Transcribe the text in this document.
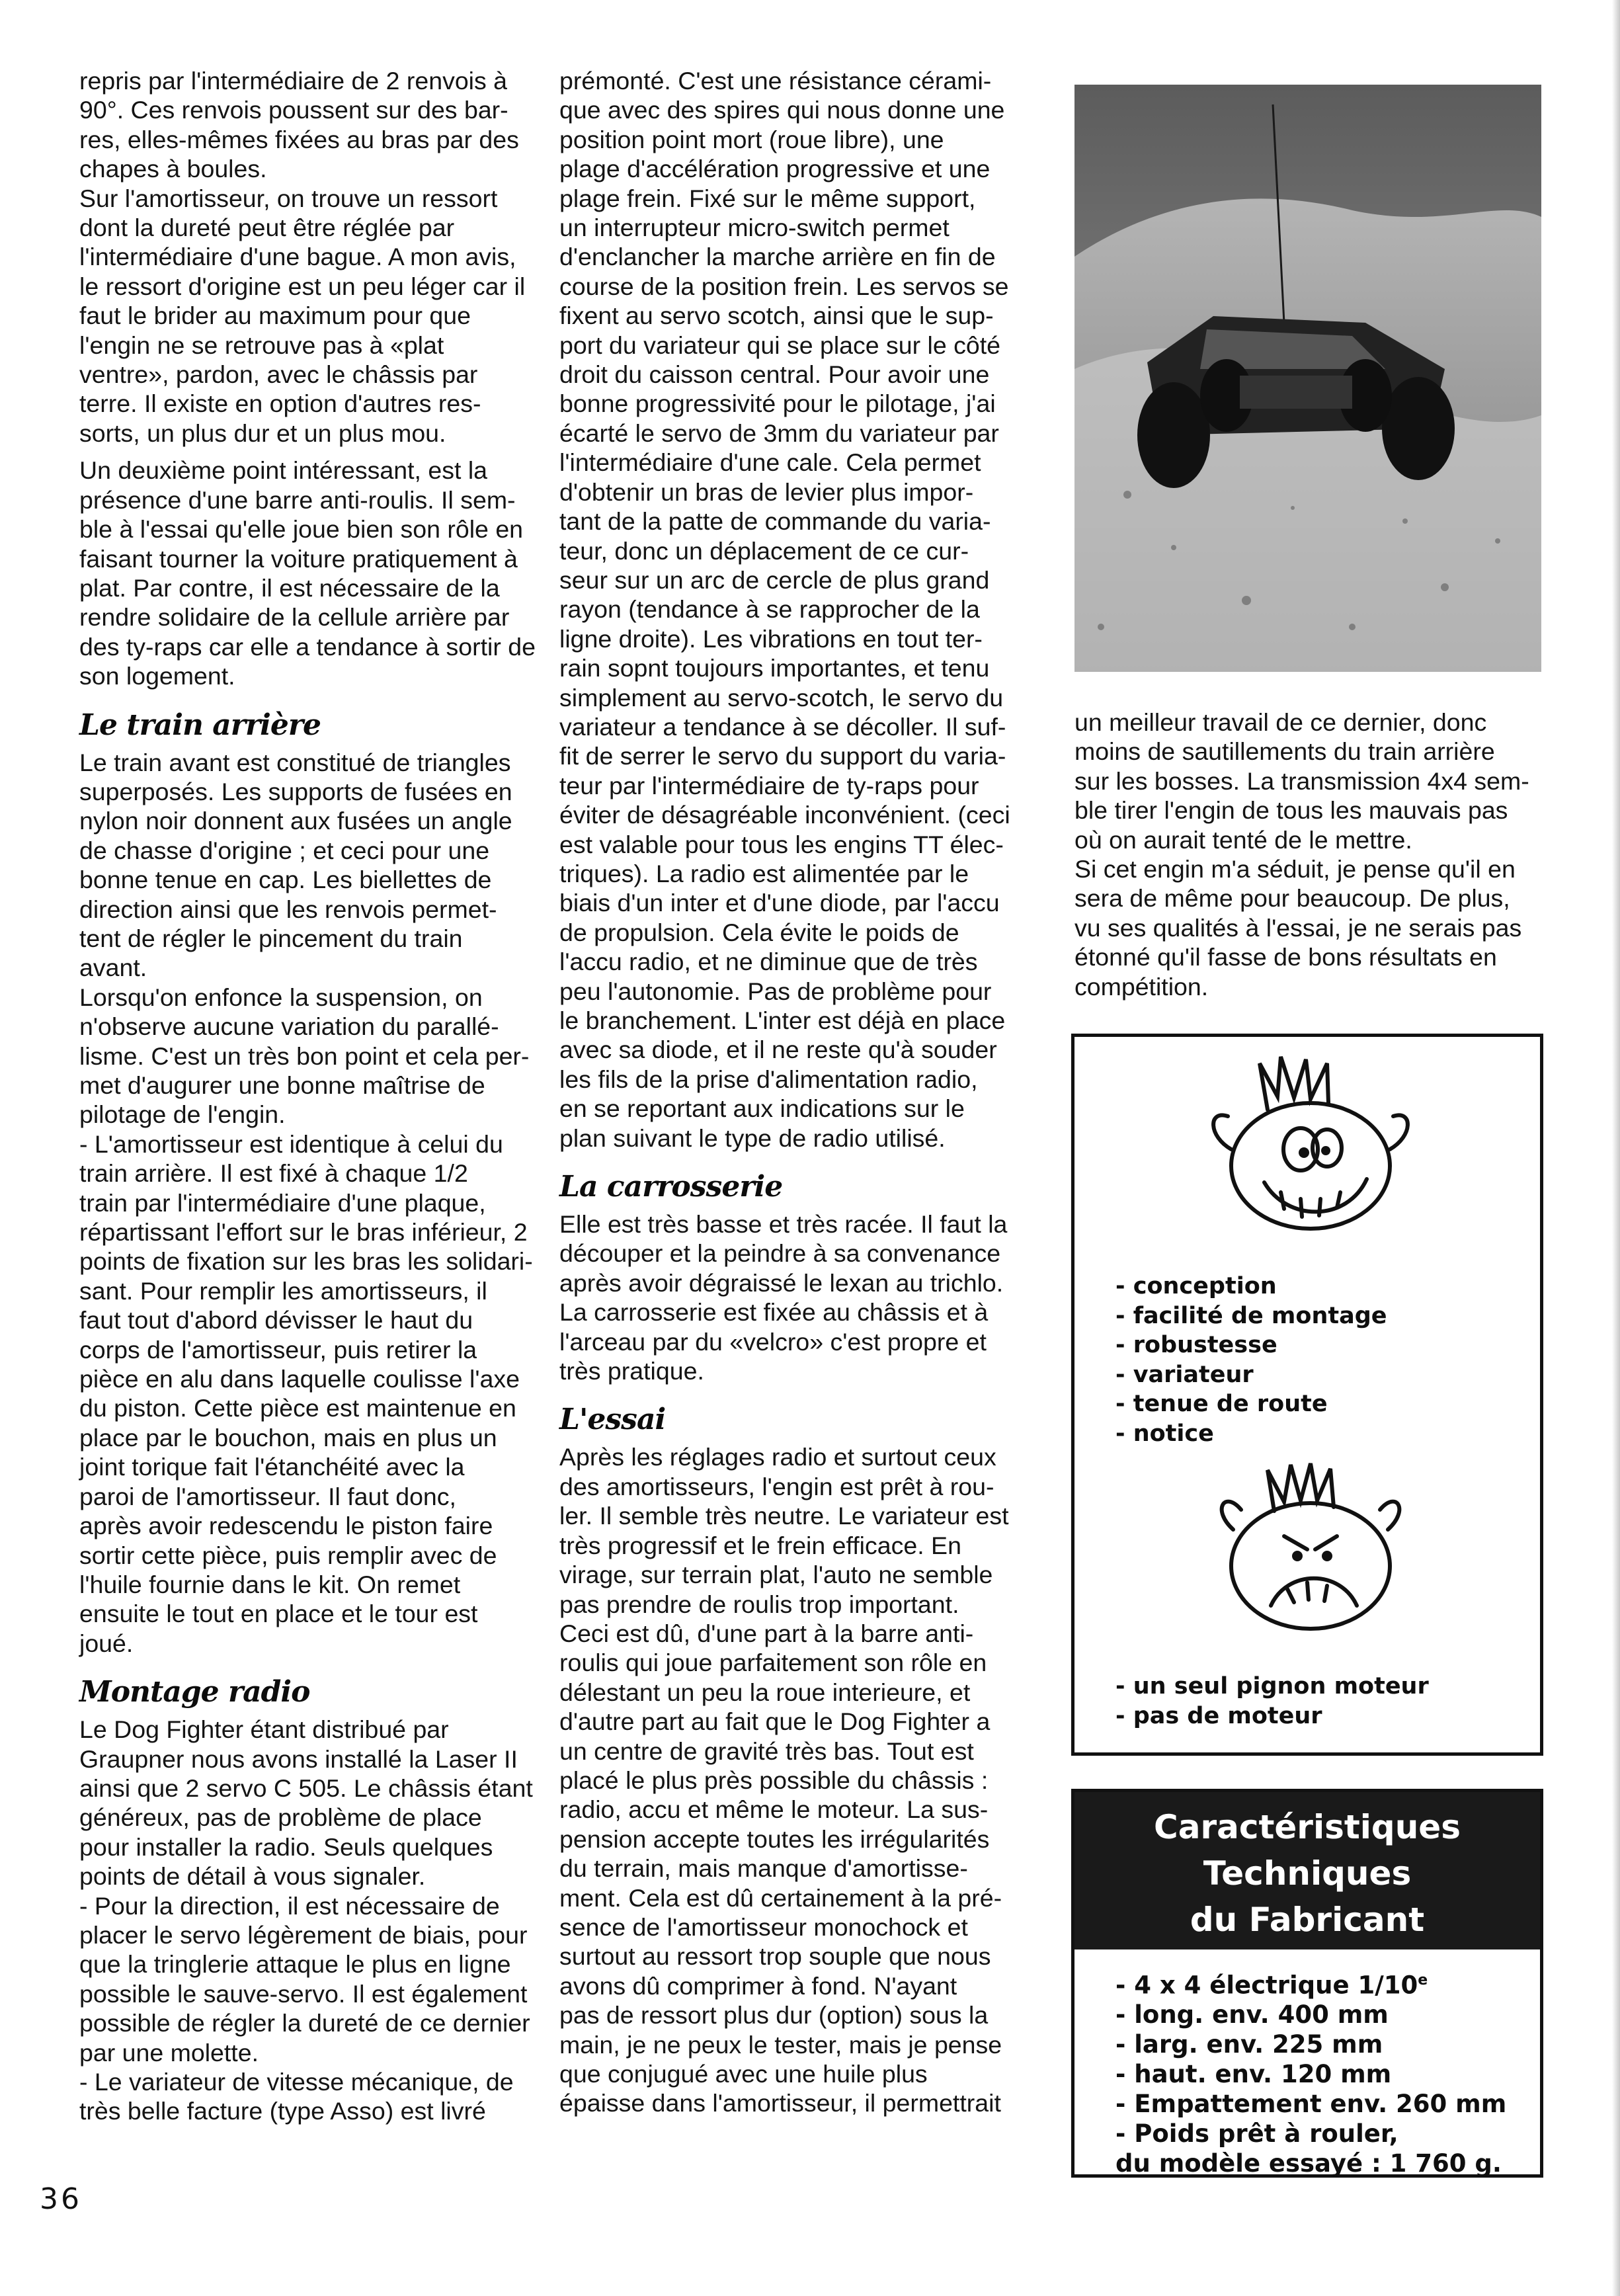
repris par l'intermédiaire de 2 renvois à
90°. Ces renvois poussent sur des bar-
res, elles-mêmes fixées au bras par des
chapes à boules.
Sur l'amortisseur, on trouve un ressort
dont la dureté peut être réglée par
l'intermédiaire d'une bague. A mon avis,
le ressort d'origine est un peu léger car il
faut le brider au maximum pour que
l'engin ne se retrouve pas à «plat
ventre», pardon, avec le châssis par
terre. Il existe en option d'autres res-
sorts, un plus dur et un plus mou.

Un deuxième point intéressant, est la
présence d'une barre anti-roulis. Il sem-
ble à l'essai qu'elle joue bien son rôle en
faisant tourner la voiture pratiquement à
plat. Par contre, il est nécessaire de la
rendre solidaire de la cellule arrière par
des ty-raps car elle a tendance à sortir de
son logement.

Le train arrière

Le train avant est constitué de triangles
superposés. Les supports de fusées en
nylon noir donnent aux fusées un angle
de chasse d'origine ; et ceci pour une
bonne tenue en cap. Les biellettes de
direction ainsi que les renvois permet-
tent de régler le pincement du train
avant.
Lorsqu'on enfonce la suspension, on
n'observe aucune variation du parallé-
lisme. C'est un très bon point et cela per-
met d'augurer une bonne maîtrise de
pilotage de l'engin.
- L'amortisseur est identique à celui du
train arrière. Il est fixé à chaque 1/2
train par l'intermédiaire d'une plaque,
répartissant l'effort sur le bras inférieur, 2
points de fixation sur les bras les solidari-
sant. Pour remplir les amortisseurs, il
faut tout d'abord dévisser le haut du
corps de l'amortisseur, puis retirer la
pièce en alu dans laquelle coulisse l'axe
du piston. Cette pièce est maintenue en
place par le bouchon, mais en plus un
joint torique fait l'étanchéité avec la
paroi de l'amortisseur. Il faut donc,
après avoir redescendu le piston faire
sortir cette pièce, puis remplir avec de
l'huile fournie dans le kit. On remet
ensuite le tout en place et le tour est
joué.

Montage radio

Le Dog Fighter étant distribué par
Graupner nous avons installé la Laser II
ainsi que 2 servo C 505. Le châssis étant
généreux, pas de problème de place
pour installer la radio. Seuls quelques
points de détail à vous signaler.
- Pour la direction, il est nécessaire de
placer le servo légèrement de biais, pour
que la tringlerie attaque le plus en ligne
possible le sauve-servo. Il est également
possible de régler la dureté de ce dernier
par une molette.
- Le variateur de vitesse mécanique, de
très belle facture (type Asso) est livré

prémonté. C'est une résistance cérami-
que avec des spires qui nous donne une
position point mort (roue libre), une
plage d'accélération progressive et une
plage frein. Fixé sur le même support,
un interrupteur micro-switch permet
d'enclancher la marche arrière en fin de
course de la position frein. Les servos se
fixent au servo scotch, ainsi que le sup-
port du variateur qui se place sur le côté
droit du caisson central. Pour avoir une
bonne progressivité pour le pilotage, j'ai
écarté le servo de 3mm du variateur par
l'intermédiaire d'une cale. Cela permet
d'obtenir un bras de levier plus impor-
tant de la patte de commande du varia-
teur, donc un déplacement de ce cur-
seur sur un arc de cercle de plus grand
rayon (tendance à se rapprocher de la
ligne droite). Les vibrations en tout ter-
rain sopnt toujours importantes, et tenu
simplement au servo-scotch, le servo du
variateur a tendance à se décoller. Il suf-
fit de serrer le servo du support du varia-
teur par l'intermédiaire de ty-raps pour
éviter de désagréable inconvénient. (ceci
est valable pour tous les engins TT élec-
triques). La radio est alimentée par le
biais d'un inter et d'une diode, par l'accu
de propulsion. Cela évite le poids de
l'accu radio, et ne diminue que de très
peu l'autonomie. Pas de problème pour
le branchement. L'inter est déjà en place
avec sa diode, et il ne reste qu'à souder
les fils de la prise d'alimentation radio,
en se reportant aux indications sur le
plan suivant le type de radio utilisé.

La carrosserie

Elle est très basse et très racée. Il faut la
découper et la peindre à sa convenance
après avoir dégraissé le lexan au trichlo.
La carrosserie est fixée au châssis et à
l'arceau par du «velcro» c'est propre et
très pratique.

L'essai

Après les réglages radio et surtout ceux
des amortisseurs, l'engin est prêt à rou-
ler. Il semble très neutre. Le variateur est
très progressif et le frein efficace. En
virage, sur terrain plat, l'auto ne semble
pas prendre de roulis trop important.
Ceci est dû, d'une part à la barre anti-
roulis qui joue parfaitement son rôle en
délestant un peu la roue interieure, et
d'autre part au fait que le Dog Fighter a
un centre de gravité très bas. Tout est
placé le plus près possible du châssis :
radio, accu et même le moteur. La sus-
pension accepte toutes les irrégularités
du terrain, mais manque d'amortisse-
ment. Cela est dû certainement à la pré-
sence de l'amortisseur monochock et
surtout au ressort trop souple que nous
avons dû comprimer à fond. N'ayant
pas de ressort plus dur (option) sous la
main, je ne peux le tester, mais je pense
que conjugué avec une huile plus
épaisse dans l'amortisseur, il permettrait

un meilleur travail de ce dernier, donc
moins de sautillements du train arrière
sur les bosses. La transmission 4x4 sem-
ble tirer l'engin de tous les mauvais pas
où on aurait tenté de le mettre.
Si cet engin m'a séduit, je pense qu'il en
sera de même pour beaucoup. De plus,
vu ses qualités à l'essai, je ne serais pas
étonné qu'il fasse de bons résultats en
compétition.

- conception
- facilité de montage
- robustesse
- variateur
- tenue de route
- notice
- un seul pignon moteur
- pas de moteur
Caractéristiques
Techniques
du Fabricant
- 4 x 4 électrique 1/10e
- long. env. 400 mm
- larg. env. 225 mm
- haut. env. 120 mm
- Empattement env. 260 mm
- Poids prêt à rouler,
du modèle essayé : 1 760 g.
36
